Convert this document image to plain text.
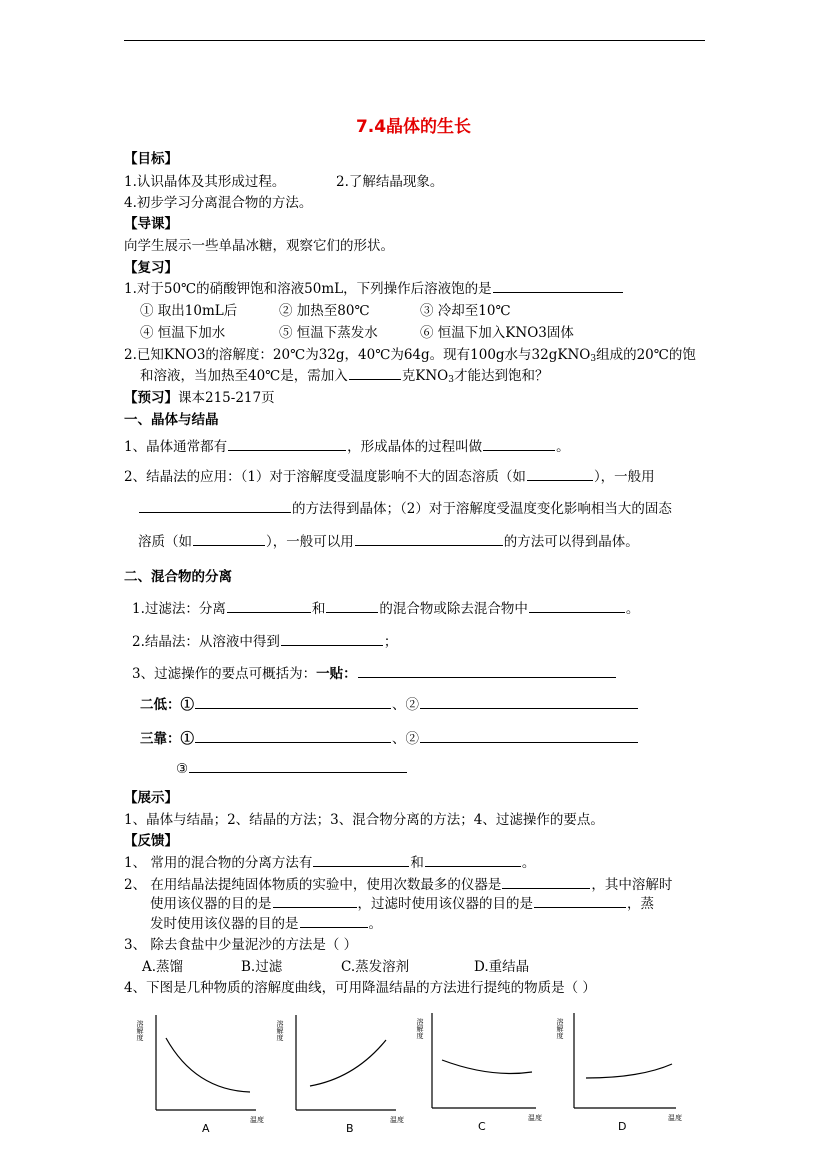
7.4晶体的生长
【目标】
1.认识晶体及其形成过程。	2.了解结晶现象。
4.初步学习分离混合物的方法。
【导课】
向学生展示一些单晶冰糖，观察它们的形状。
【复习】
1.对于50℃的硝酸钾饱和溶液50mL，下列操作后溶液饱的是
① 取出10mL后	② 加热至80℃	③ 冷却至10℃
④ 恒温下加水	⑤ 恒温下蒸发水	⑥ 恒温下加入KNO3固体
2.已知KNO3的溶解度：20℃为32g，40℃为64g。现有100g水与32gKNO$_3$组成的20℃的饱
和溶液，当加热至40℃是，需加入	克$KNO_3$才能达到饱和？
【预习】课本215-217页
一、晶体与结晶
1、晶体通常都有	，形成晶体的过程叫做	。
2、结晶法的应用：（1）对于溶解度受温度影响不大的固态溶质（如	），一般用
的方法得到晶体；（2）对于溶解度受温度变化影响相当大的固态
溶质（如	），一般可以用	的方法可以得到晶体。
二、混合物的分离
1.过滤法：分离	和	的混合物或除去混合物中	。
2.结晶法：从溶液中得到	；
3、过滤操作的要点可概括为：一贴：
二低：①	、②
三靠：①	、②
③
【展示】
1、晶体与结晶；2、结晶的方法；3、混合物分离的方法；4、过滤操作的要点。
【反馈】
1、 常用的混合物的分离方法有	和	。
2、 在用结晶法提纯固体物质的实验中，使用次数最多的仪器是	，其中溶解时
使用该仪器的目的是	，过滤时使用该仪器的目的是	，蒸
发时使用该仪器的目的是	。
3、 除去食盐中少量泥沙的方法是（ ）
A.蒸馏	B.过滤	C.蒸发溶剂	D.重结晶
4、下图是几种物质的溶解度曲线，可用降温结晶的方法进行提纯的物质是（ ）
溶解度
温度
A
溶解度
温度
B
溶解度
温度
C
溶解度
温度
D
